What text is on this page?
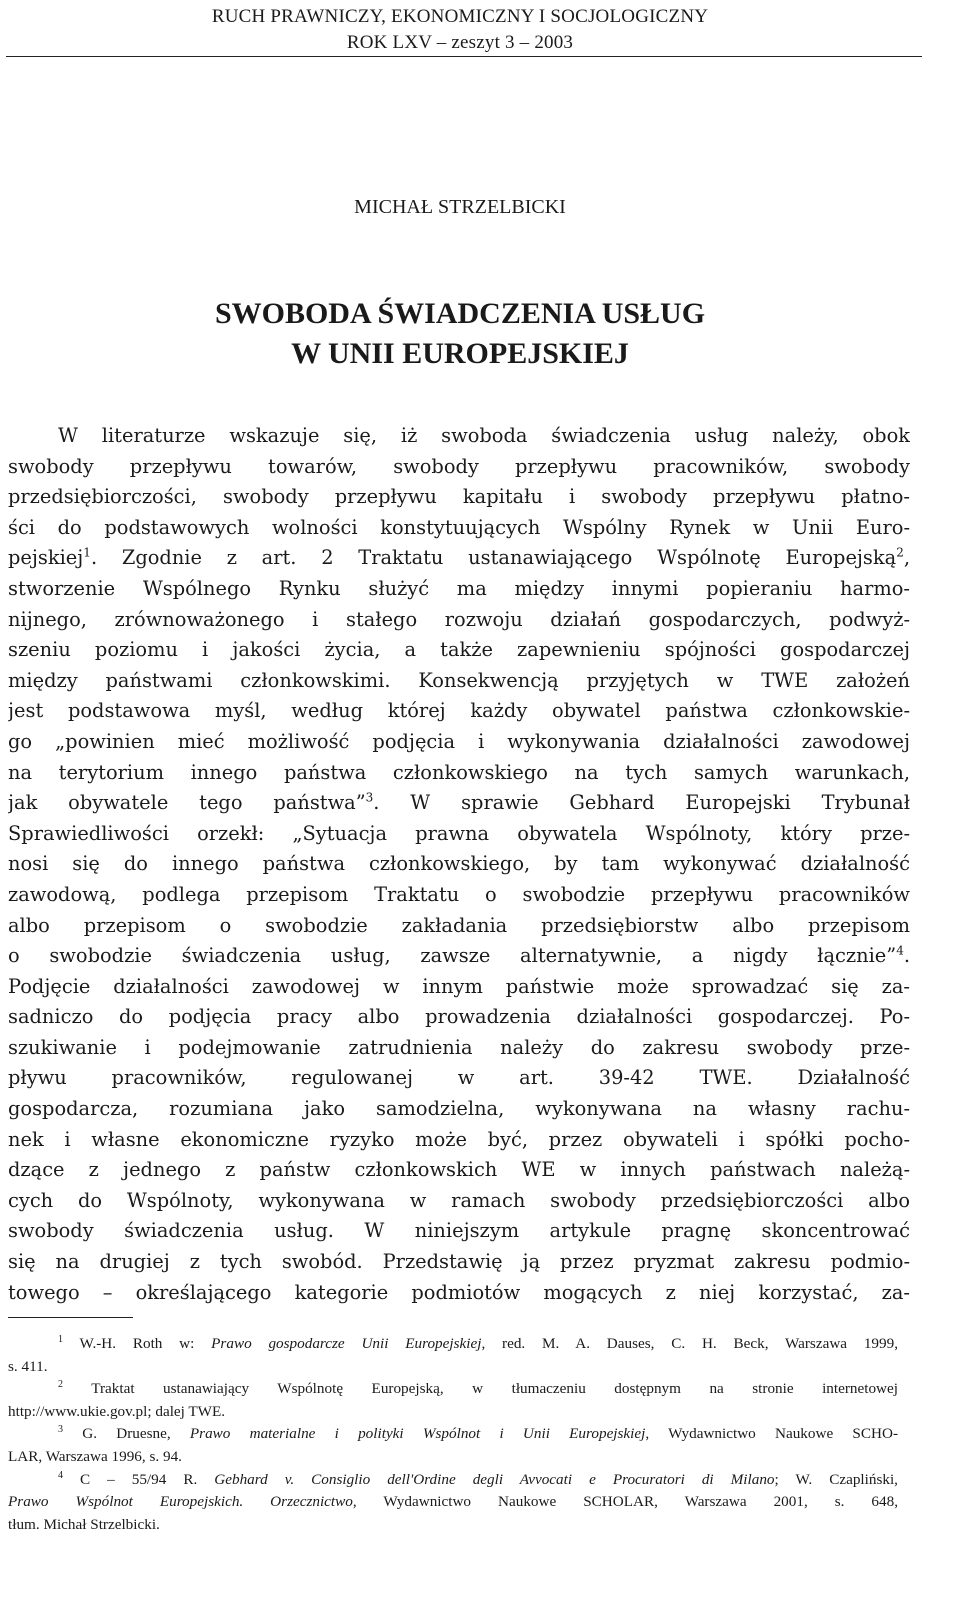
RUCH PRAWNICZY, EKONOMICZNY I SOCJOLOGICZNY
ROK LXV – zeszyt 3 – 2003
MICHAŁ STRZELBICKI
SWOBODA ŚWIADCZENIA USŁUG
W UNII EUROPEJSKIEJ
W literaturze wskazuje się, iż swoboda świadczenia usług należy, obok
swobody przepływu towarów, swobody przepływu pracowników, swobody
przedsiębiorczości, swobody przepływu kapitału i swobody przepływu płatno-
ści do podstawowych wolności konstytuujących Wspólny Rynek w Unii Euro-
pejskiej$^1$. Zgodnie z art. 2 Traktatu ustanawiającego Wspólnotę Europejską$^2$,
stworzenie Wspólnego Rynku służyć ma między innymi popieraniu harmo-
nijnego, zrównoważonego i stałego rozwoju działań gospodarczych, podwyż-
szeniu poziomu i jakości życia, a także zapewnieniu spójności gospodarczej
między państwami członkowskimi. Konsekwencją przyjętych w TWE założeń
jest podstawowa myśl, według której każdy obywatel państwa członkowskie-
go „powinien mieć możliwość podjęcia i wykonywania działalności zawodowej
na terytorium innego państwa członkowskiego na tych samych warunkach,
jak obywatele tego państwa”$^3$. W sprawie Gebhard Europejski Trybunał
Sprawiedliwości orzekł: „Sytuacja prawna obywatela Wspólnoty, który prze-
nosi się do innego państwa członkowskiego, by tam wykonywać działalność
zawodową, podlega przepisom Traktatu o swobodzie przepływu pracowników
albo przepisom o swobodzie zakładania przedsiębiorstw albo przepisom
o swobodzie świadczenia usług, zawsze alternatywnie, a nigdy łącznie”$^4$.
Podjęcie działalności zawodowej w innym państwie może sprowadzać się za-
sadniczo do podjęcia pracy albo prowadzenia działalności gospodarczej. Po-
szukiwanie i podejmowanie zatrudnienia należy do zakresu swobody prze-
pływu pracowników, regulowanej w art. 39-42 TWE. Działalność
gospodarcza, rozumiana jako samodzielna, wykonywana na własny rachu-
nek i własne ekonomiczne ryzyko może być, przez obywateli i spółki pocho-
dzące z jednego z państw członkowskich WE w innych państwach należą-
cych do Wspólnoty, wykonywana w ramach swobody przedsiębiorczości albo
swobody świadczenia usług. W niniejszym artykule pragnę skoncentrować
się na drugiej z tych swobód. Przedstawię ją przez pryzmat zakresu podmio-
towego – określającego kategorie podmiotów mogących z niej korzystać, za-
$^1$ W.-H. Roth w: Prawo gospodarcze Unii Europejskiej, red. M. A. Dauses, C. H. Beck, Warszawa 1999,
s. 411.
$^2$ Traktat ustanawiający Wspólnotę Europejską, w tłumaczeniu dostępnym na stronie internetowej
http://www.ukie.gov.pl; dalej TWE.
$^3$ G. Druesne, Prawo materialne i polityki Wspólnot i Unii Europejskiej, Wydawnictwo Naukowe SCHO-
LAR, Warszawa 1996, s. 94.
$^4$ C – 55/94 R. Gebhard v. Consiglio dell'Ordine degli Avvocati e Procuratori di Milano; W. Czapliński,
Prawo Wspólnot Europejskich. Orzecznictwo, Wydawnictwo Naukowe SCHOLAR, Warszawa 2001, s. 648,
tłum. Michał Strzelbicki.
